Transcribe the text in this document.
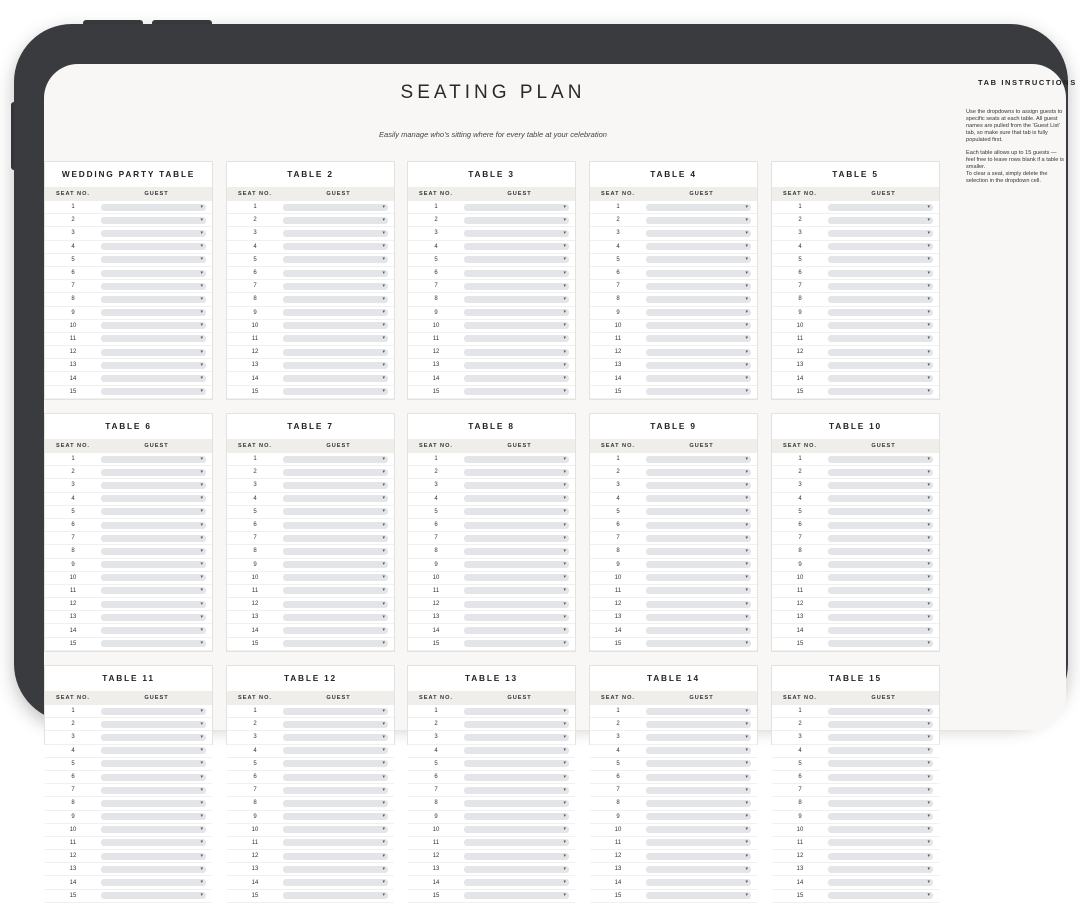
SEATING PLAN
Easily manage who’s sitting where for every table at your celebration
WEDDING PARTY TABLE
SEAT NO.	GUEST
1	▾
2	▾
3	▾
4	▾
5	▾
6	▾
7	▾
8	▾
9	▾
10	▾
11	▾
12	▾
13	▾
14	▾
15	▾
TABLE 2
SEAT NO.	GUEST
1	▾
2	▾
3	▾
4	▾
5	▾
6	▾
7	▾
8	▾
9	▾
10	▾
11	▾
12	▾
13	▾
14	▾
15	▾
TABLE 3
SEAT NO.	GUEST
1	▾
2	▾
3	▾
4	▾
5	▾
6	▾
7	▾
8	▾
9	▾
10	▾
11	▾
12	▾
13	▾
14	▾
15	▾
TABLE 4
SEAT NO.	GUEST
1	▾
2	▾
3	▾
4	▾
5	▾
6	▾
7	▾
8	▾
9	▾
10	▾
11	▾
12	▾
13	▾
14	▾
15	▾
TABLE 5
SEAT NO.	GUEST
1	▾
2	▾
3	▾
4	▾
5	▾
6	▾
7	▾
8	▾
9	▾
10	▾
11	▾
12	▾
13	▾
14	▾
15	▾
TABLE 6
SEAT NO.	GUEST
1	▾
2	▾
3	▾
4	▾
5	▾
6	▾
7	▾
8	▾
9	▾
10	▾
11	▾
12	▾
13	▾
14	▾
15	▾
TABLE 7
SEAT NO.	GUEST
1	▾
2	▾
3	▾
4	▾
5	▾
6	▾
7	▾
8	▾
9	▾
10	▾
11	▾
12	▾
13	▾
14	▾
15	▾
TABLE 8
SEAT NO.	GUEST
1	▾
2	▾
3	▾
4	▾
5	▾
6	▾
7	▾
8	▾
9	▾
10	▾
11	▾
12	▾
13	▾
14	▾
15	▾
TABLE 9
SEAT NO.	GUEST
1	▾
2	▾
3	▾
4	▾
5	▾
6	▾
7	▾
8	▾
9	▾
10	▾
11	▾
12	▾
13	▾
14	▾
15	▾
TABLE 10
SEAT NO.	GUEST
1	▾
2	▾
3	▾
4	▾
5	▾
6	▾
7	▾
8	▾
9	▾
10	▾
11	▾
12	▾
13	▾
14	▾
15	▾
TABLE 11
SEAT NO.	GUEST
1	▾
2	▾
3	▾
4	▾
5	▾
6	▾
7	▾
8	▾
9	▾
10	▾
11	▾
12	▾
13	▾
14	▾
15	▾
TABLE 12
SEAT NO.	GUEST
1	▾
2	▾
3	▾
4	▾
5	▾
6	▾
7	▾
8	▾
9	▾
10	▾
11	▾
12	▾
13	▾
14	▾
15	▾
TABLE 13
SEAT NO.	GUEST
1	▾
2	▾
3	▾
4	▾
5	▾
6	▾
7	▾
8	▾
9	▾
10	▾
11	▾
12	▾
13	▾
14	▾
15	▾
TABLE 14
SEAT NO.	GUEST
1	▾
2	▾
3	▾
4	▾
5	▾
6	▾
7	▾
8	▾
9	▾
10	▾
11	▾
12	▾
13	▾
14	▾
15	▾
TABLE 15
SEAT NO.	GUEST
1	▾
2	▾
3	▾
4	▾
5	▾
6	▾
7	▾
8	▾
9	▾
10	▾
11	▾
12	▾
13	▾
14	▾
15	▾
TAB INSTRUCTIONS

Use the dropdowns to assign guests to specific seats at each table. All guest names are pulled from the 'Guest List' tab, so make sure that tab is fully populated first.

Each table allows up to 15 guests — feel free to leave rows blank if a table is smaller.

To clear a seat, simply delete the selection in the dropdown cell.
